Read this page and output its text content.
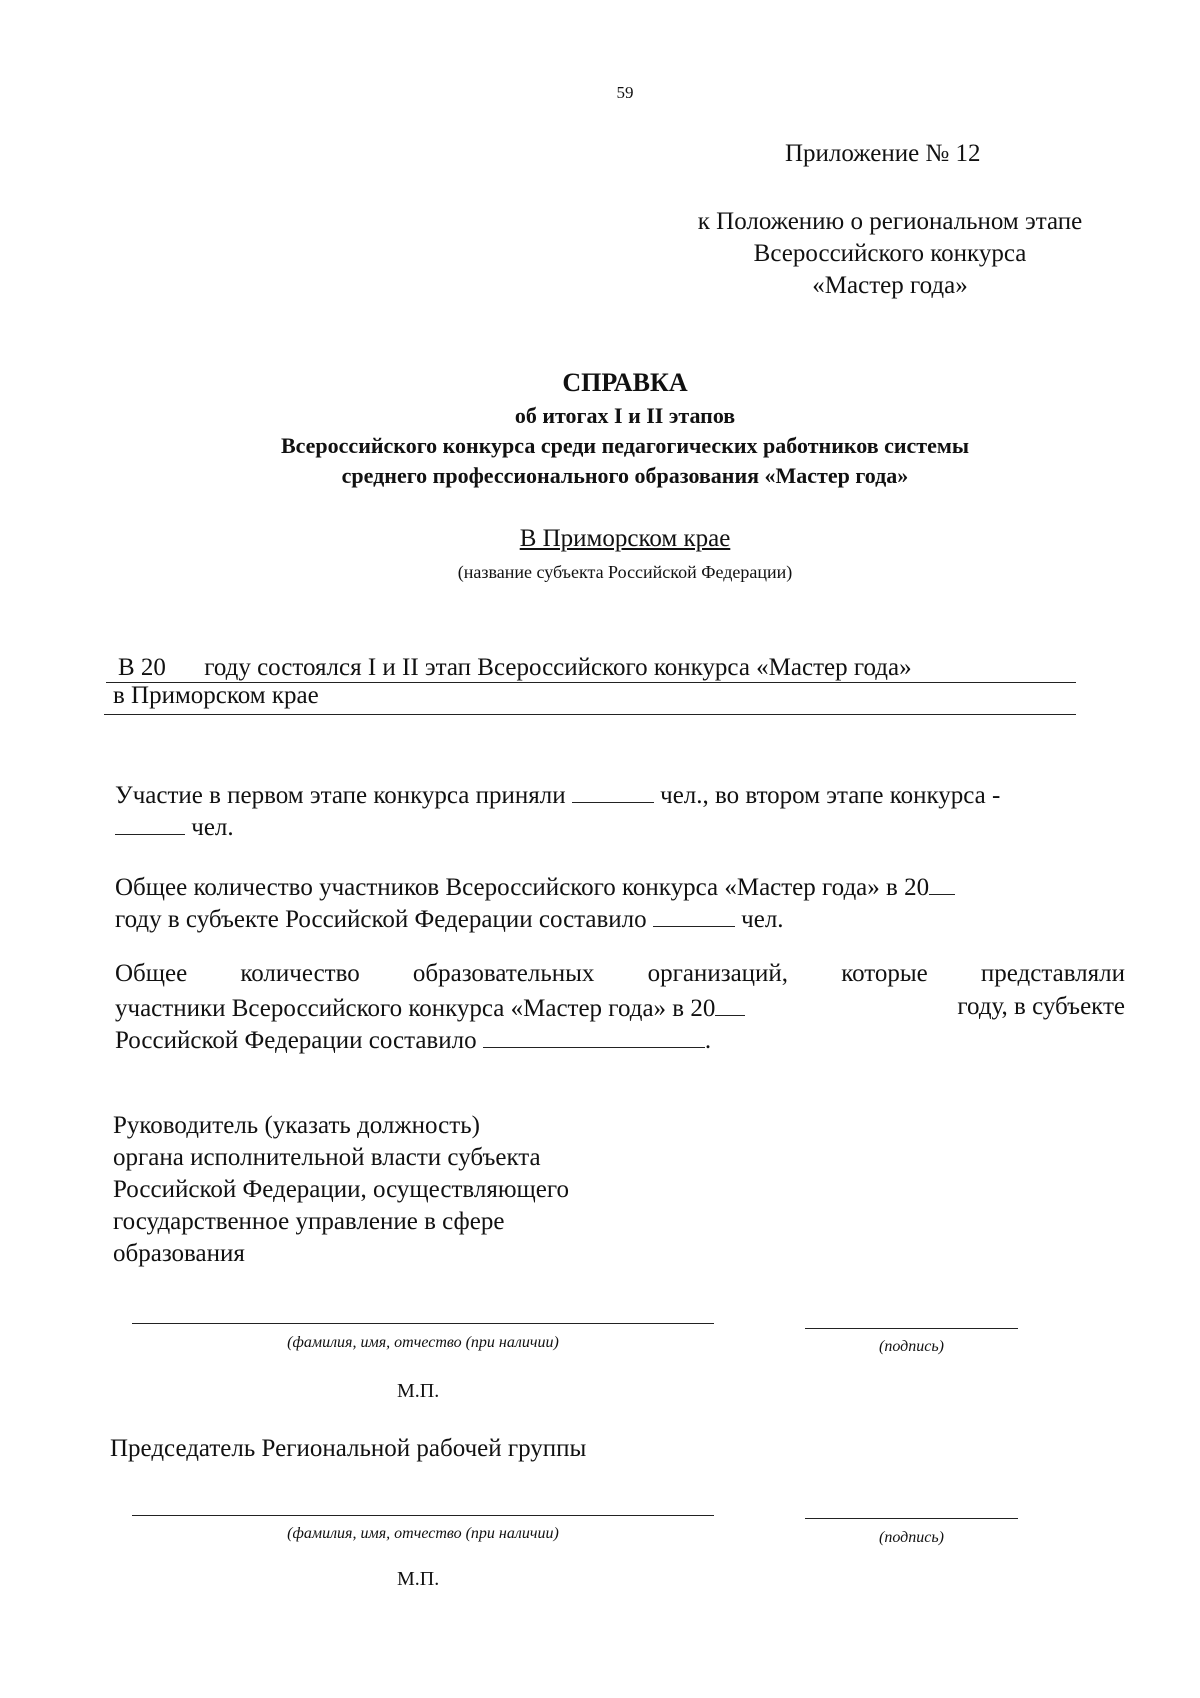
59
Приложение № 12
к Положению о региональном этапе
Всероссийского конкурса
«Мастер года»
СПРАВКА
об итогах I и II этапов
Всероссийского конкурса среди педагогических работников системы
среднего профессионального образования «Мастер года»
В Приморском крае
(название субъекта Российской Федерации)
В 20 году состоялся I и II этап Всероссийского конкурса «Мастер года»
в Приморском крае
Участие в первом этапе конкурса приняли	чел., во втором этапе конкурса -
чел.
Общее количество участников Всероссийского конкурса «Мастер года» в 20
году в субъекте Российской Федерации составило	чел.
Общее количество образовательных организаций, которые представляли
участники Всероссийского конкурса «Мастер года» в 20	году, в субъекте
Российской Федерации составило	.
Руководитель (указать должность)
органа исполнительной власти субъекта
Российской Федерации, осуществляющего
государственное управление в сфере
образования
(фамилия, имя, отчество (при наличии)	(подпись)
М.П.
Председатель Региональной рабочей группы
(фамилия, имя, отчество (при наличии)	(подпись)
М.П.
